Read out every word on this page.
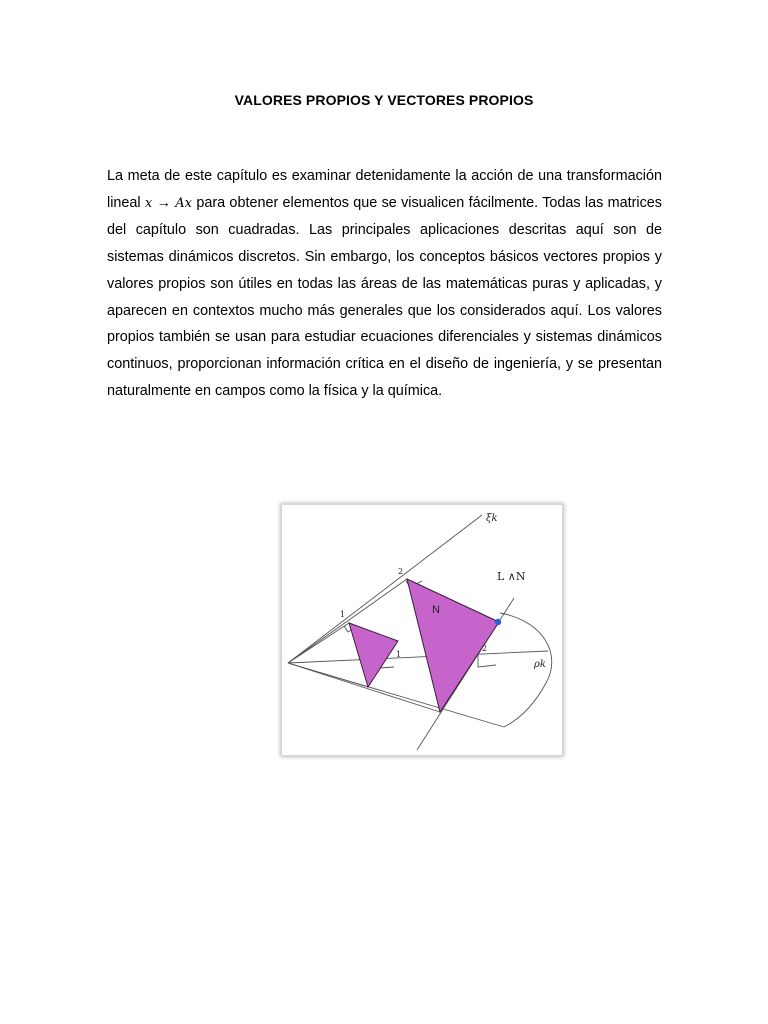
VALORES PROPIOS Y VECTORES PROPIOS

La meta de este capítulo es examinar detenidamente la acción de una transformación lineal x → Ax para obtener elementos que se visualicen fácilmente. Todas las matrices del capítulo son cuadradas. Las principales aplicaciones descritas aquí son de sistemas dinámicos discretos. Sin embargo, los conceptos básicos vectores propios y valores propios son útiles en todas las áreas de las matemáticas puras y aplicadas, y aparecen en contextos mucho más generales que los considerados aquí. Los valores propios también se usan para estudiar ecuaciones diferenciales y sistemas dinámicos continuos, proporcionan información crítica en el diseño de ingeniería, y se presentan naturalmente en campos como la física y la química.

ξk
L ∧N
N
ρk
1
2
1
2
